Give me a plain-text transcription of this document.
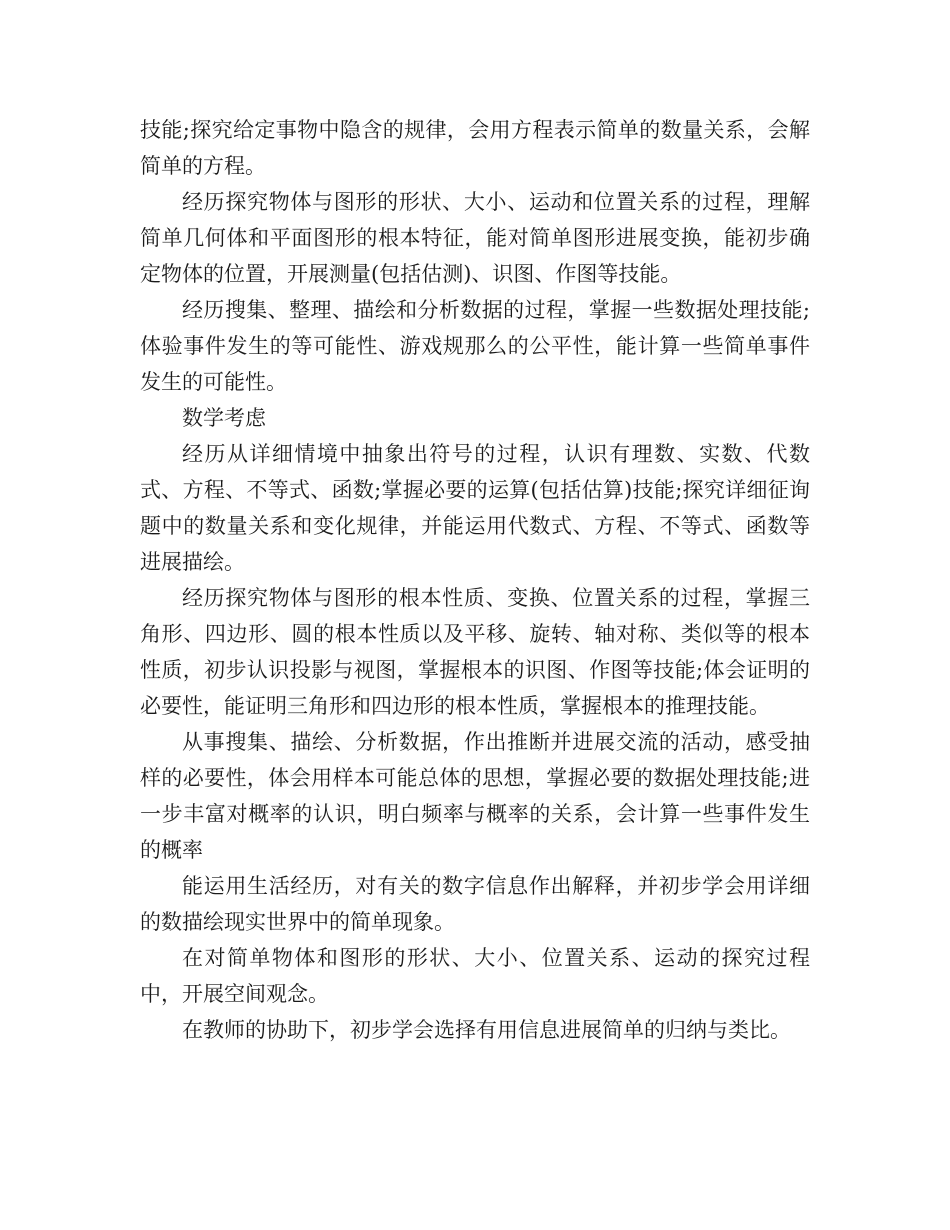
技能;探究给定事物中隐含的规律，会用方程表示简单的数量关系，会解简单的方程。

经历探究物体与图形的形状、大小、运动和位置关系的过程，理解简单几何体和平面图形的根本特征，能对简单图形进展变换，能初步确定物体的位置，开展测量(包括估测)、识图、作图等技能。

经历搜集、整理、描绘和分析数据的过程，掌握一些数据处理技能;体验事件发生的等可能性、游戏规那么的公平性，能计算一些简单事件发生的可能性。

数学考虑

经历从详细情境中抽象出符号的过程，认识有理数、实数、代数式、方程、不等式、函数;掌握必要的运算(包括估算)技能;探究详细征询题中的数量关系和变化规律，并能运用代数式、方程、不等式、函数等进展描绘。

经历探究物体与图形的根本性质、变换、位置关系的过程，掌握三角形、四边形、圆的根本性质以及平移、旋转、轴对称、类似等的根本性质，初步认识投影与视图，掌握根本的识图、作图等技能;体会证明的必要性，能证明三角形和四边形的根本性质，掌握根本的推理技能。

从事搜集、描绘、分析数据，作出推断并进展交流的活动，感受抽样的必要性，体会用样本可能总体的思想，掌握必要的数据处理技能;进一步丰富对概率的认识，明白频率与概率的关系，会计算一些事件发生的概率

能运用生活经历，对有关的数字信息作出解释，并初步学会用详细的数描绘现实世界中的简单现象。

在对简单物体和图形的形状、大小、位置关系、运动的探究过程中，开展空间观念。

在教师的协助下，初步学会选择有用信息进展简单的归纳与类比。
